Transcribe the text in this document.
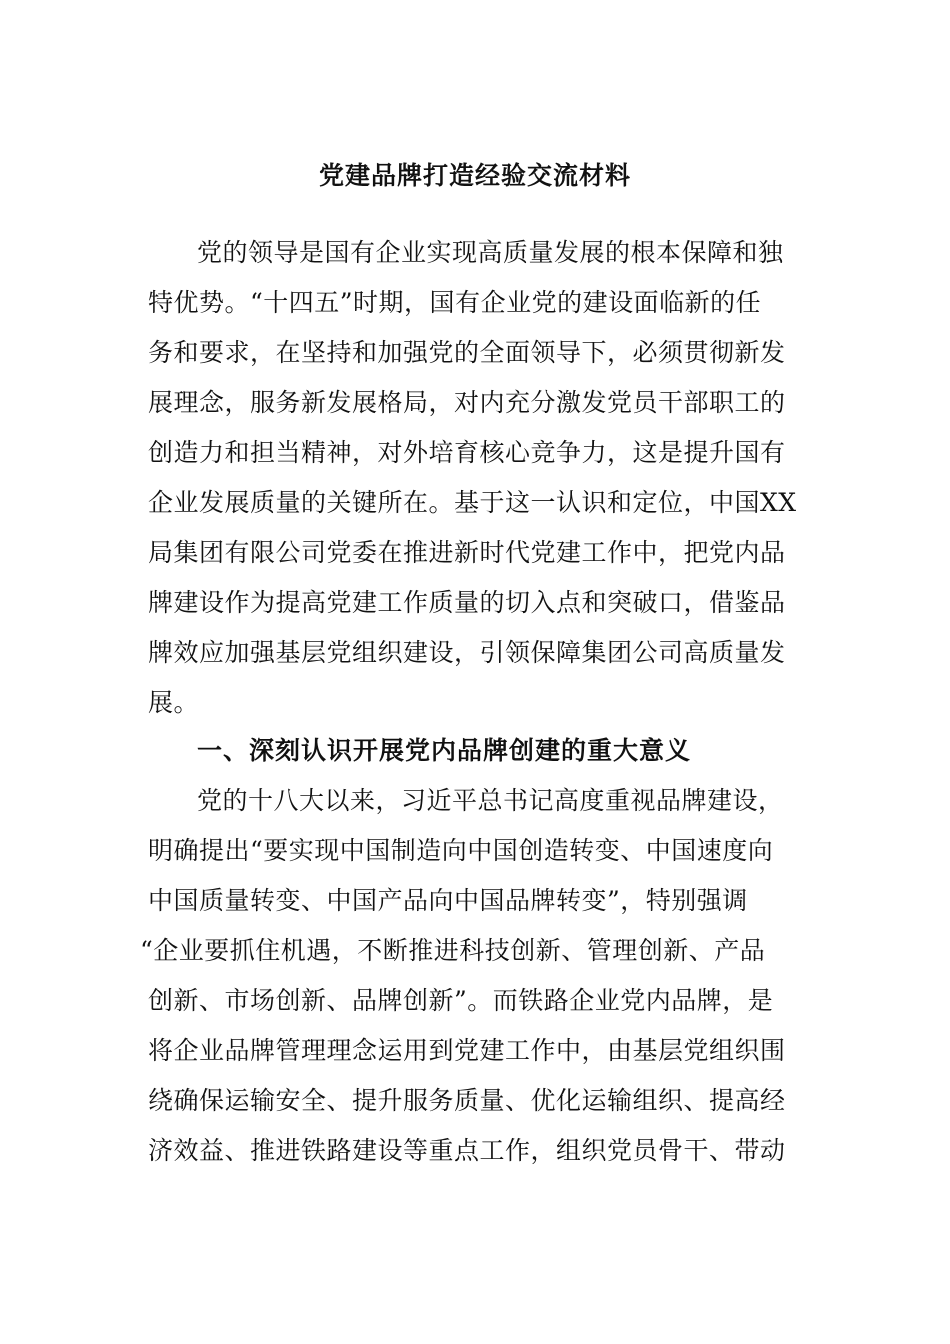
党建品牌打造经验交流材料
党的领导是国有企业实现高质量发展的根本保障和独
特优势。“十四五”时期，国有企业党的建设面临新的任
务和要求，在坚持和加强党的全面领导下，必须贯彻新发
展理念，服务新发展格局，对内充分激发党员干部职工的
创造力和担当精神，对外培育核心竞争力，这是提升国有
企业发展质量的关键所在。基于这一认识和定位，中国XX
局集团有限公司党委在推进新时代党建工作中，把党内品
牌建设作为提高党建工作质量的切入点和突破口，借鉴品
牌效应加强基层党组织建设，引领保障集团公司高质量发
展。
一、深刻认识开展党内品牌创建的重大意义
党的十八大以来，习近平总书记高度重视品牌建设，
明确提出“要实现中国制造向中国创造转变、中国速度向
中国质量转变、中国产品向中国品牌转变”，特别强调
“企业要抓住机遇，不断推进科技创新、管理创新、产品
创新、市场创新、品牌创新”。而铁路企业党内品牌，是
将企业品牌管理理念运用到党建工作中，由基层党组织围
绕确保运输安全、提升服务质量、优化运输组织、提高经
济效益、推进铁路建设等重点工作，组织党员骨干、带动
